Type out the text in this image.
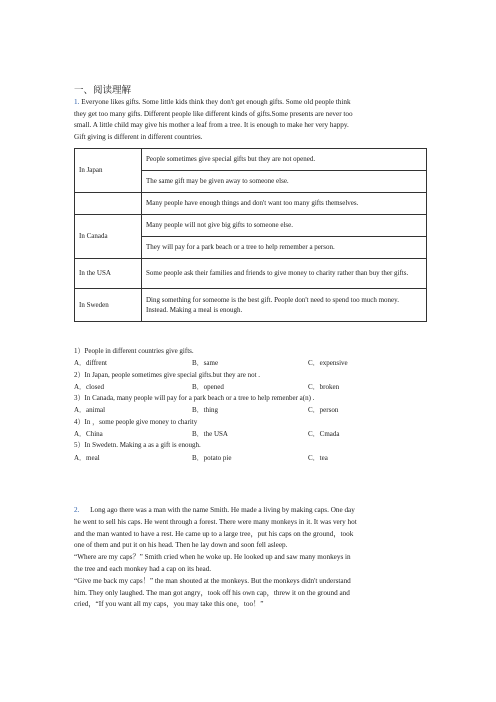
一、阅读理解
1. Everyone likes gifts. Some little kids think they don't get enough gifts. Some old people think
they get too many gifts. Different people like different kinds of gifts.Some presents are never too
small. A little child may give his mother a leaf from a tree. It is enough to make her very happy.
Gift giving is different in different countries.
In Japan	People sometimes give special gifts but they are not opened.
	The same gift may be given away to someone else.
	Many people have enough things and don't want too many gifts themselves.
In Canada	Many people will not give big gifts to someone else.
	They will pay for a park beach or a tree to help remember a person.
In the USA	Some people ask their families and friends to give money to charity rather than buy ther gifts.
In Sweden	Ding something for someome is the best gift. People don't need to spend too much money. Instead. Making a meal is enough.
1）People in different countries give gifts.
A．diffrent	B．same	C．expensive
2）In Japan, people sometimes give special gifts.but they are not .
A．closed	B．opened	C．broken
3）In Canada, many people will pay for a park beach or a tree to help remenber a(n) .
A．animal	B．thing	C．person
4）In ，some people give money to charity
A．China	B．the USA	C．Cmada
5）In Swedetn. Making a as a gift is enough.
A．meal	B．potato pie	C．tea
2. Long ago there was a man with the name Smith. He made a living by making caps. One day
he went to sell his caps. He went through a forest. There were many monkeys in it. It was very hot
and the man wanted to have a rest. He came up to a large tree，put his caps on the ground，took
one of them and put it on his head. Then he lay down and soon fell asleep.
“Where are my caps？” Smith cried when he woke up. He looked up and saw many monkeys in
the tree and each monkey had a cap on its head.
“Give me back my caps！” the man shouted at the monkeys. But the monkeys didn't understand
him. They only laughed. The man got angry，took off his own cap，threw it on the ground and
cried，“If you want all my caps，you may take this one，too！”
